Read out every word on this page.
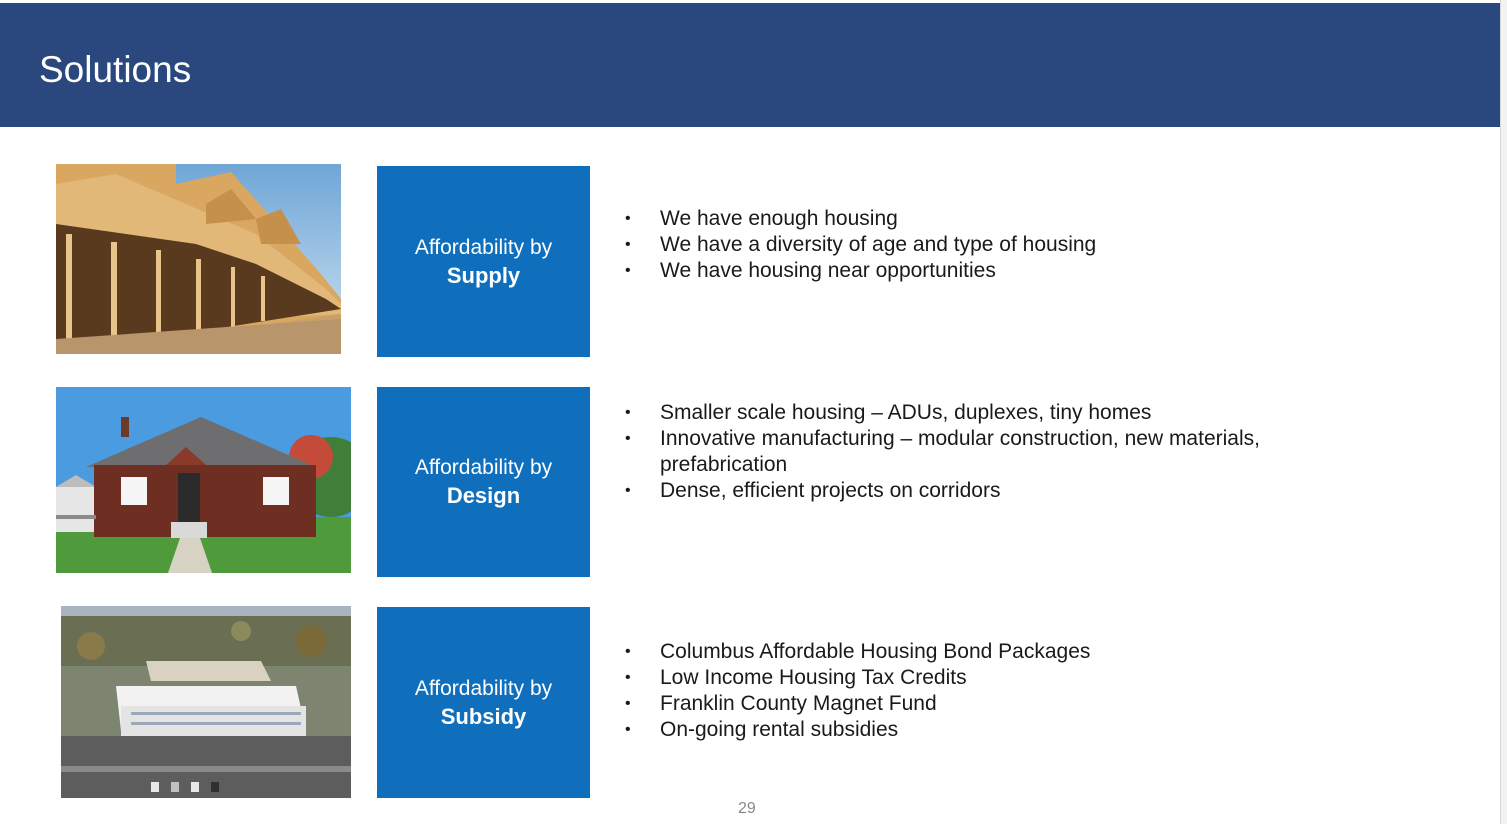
Solutions
Affordability by
Supply
• We have enough housing
• We have a diversity of age and type of housing
• We have housing near opportunities
Affordability by
Design
• Smaller scale housing – ADUs, duplexes, tiny homes
• Innovative manufacturing – modular construction, new materials, prefabrication
• Dense, efficient projects on corridors
Affordability by
Subsidy
• Columbus Affordable Housing Bond Packages
• Low Income Housing Tax Credits
• Franklin County Magnet Fund
• On-going rental subsidies
29
